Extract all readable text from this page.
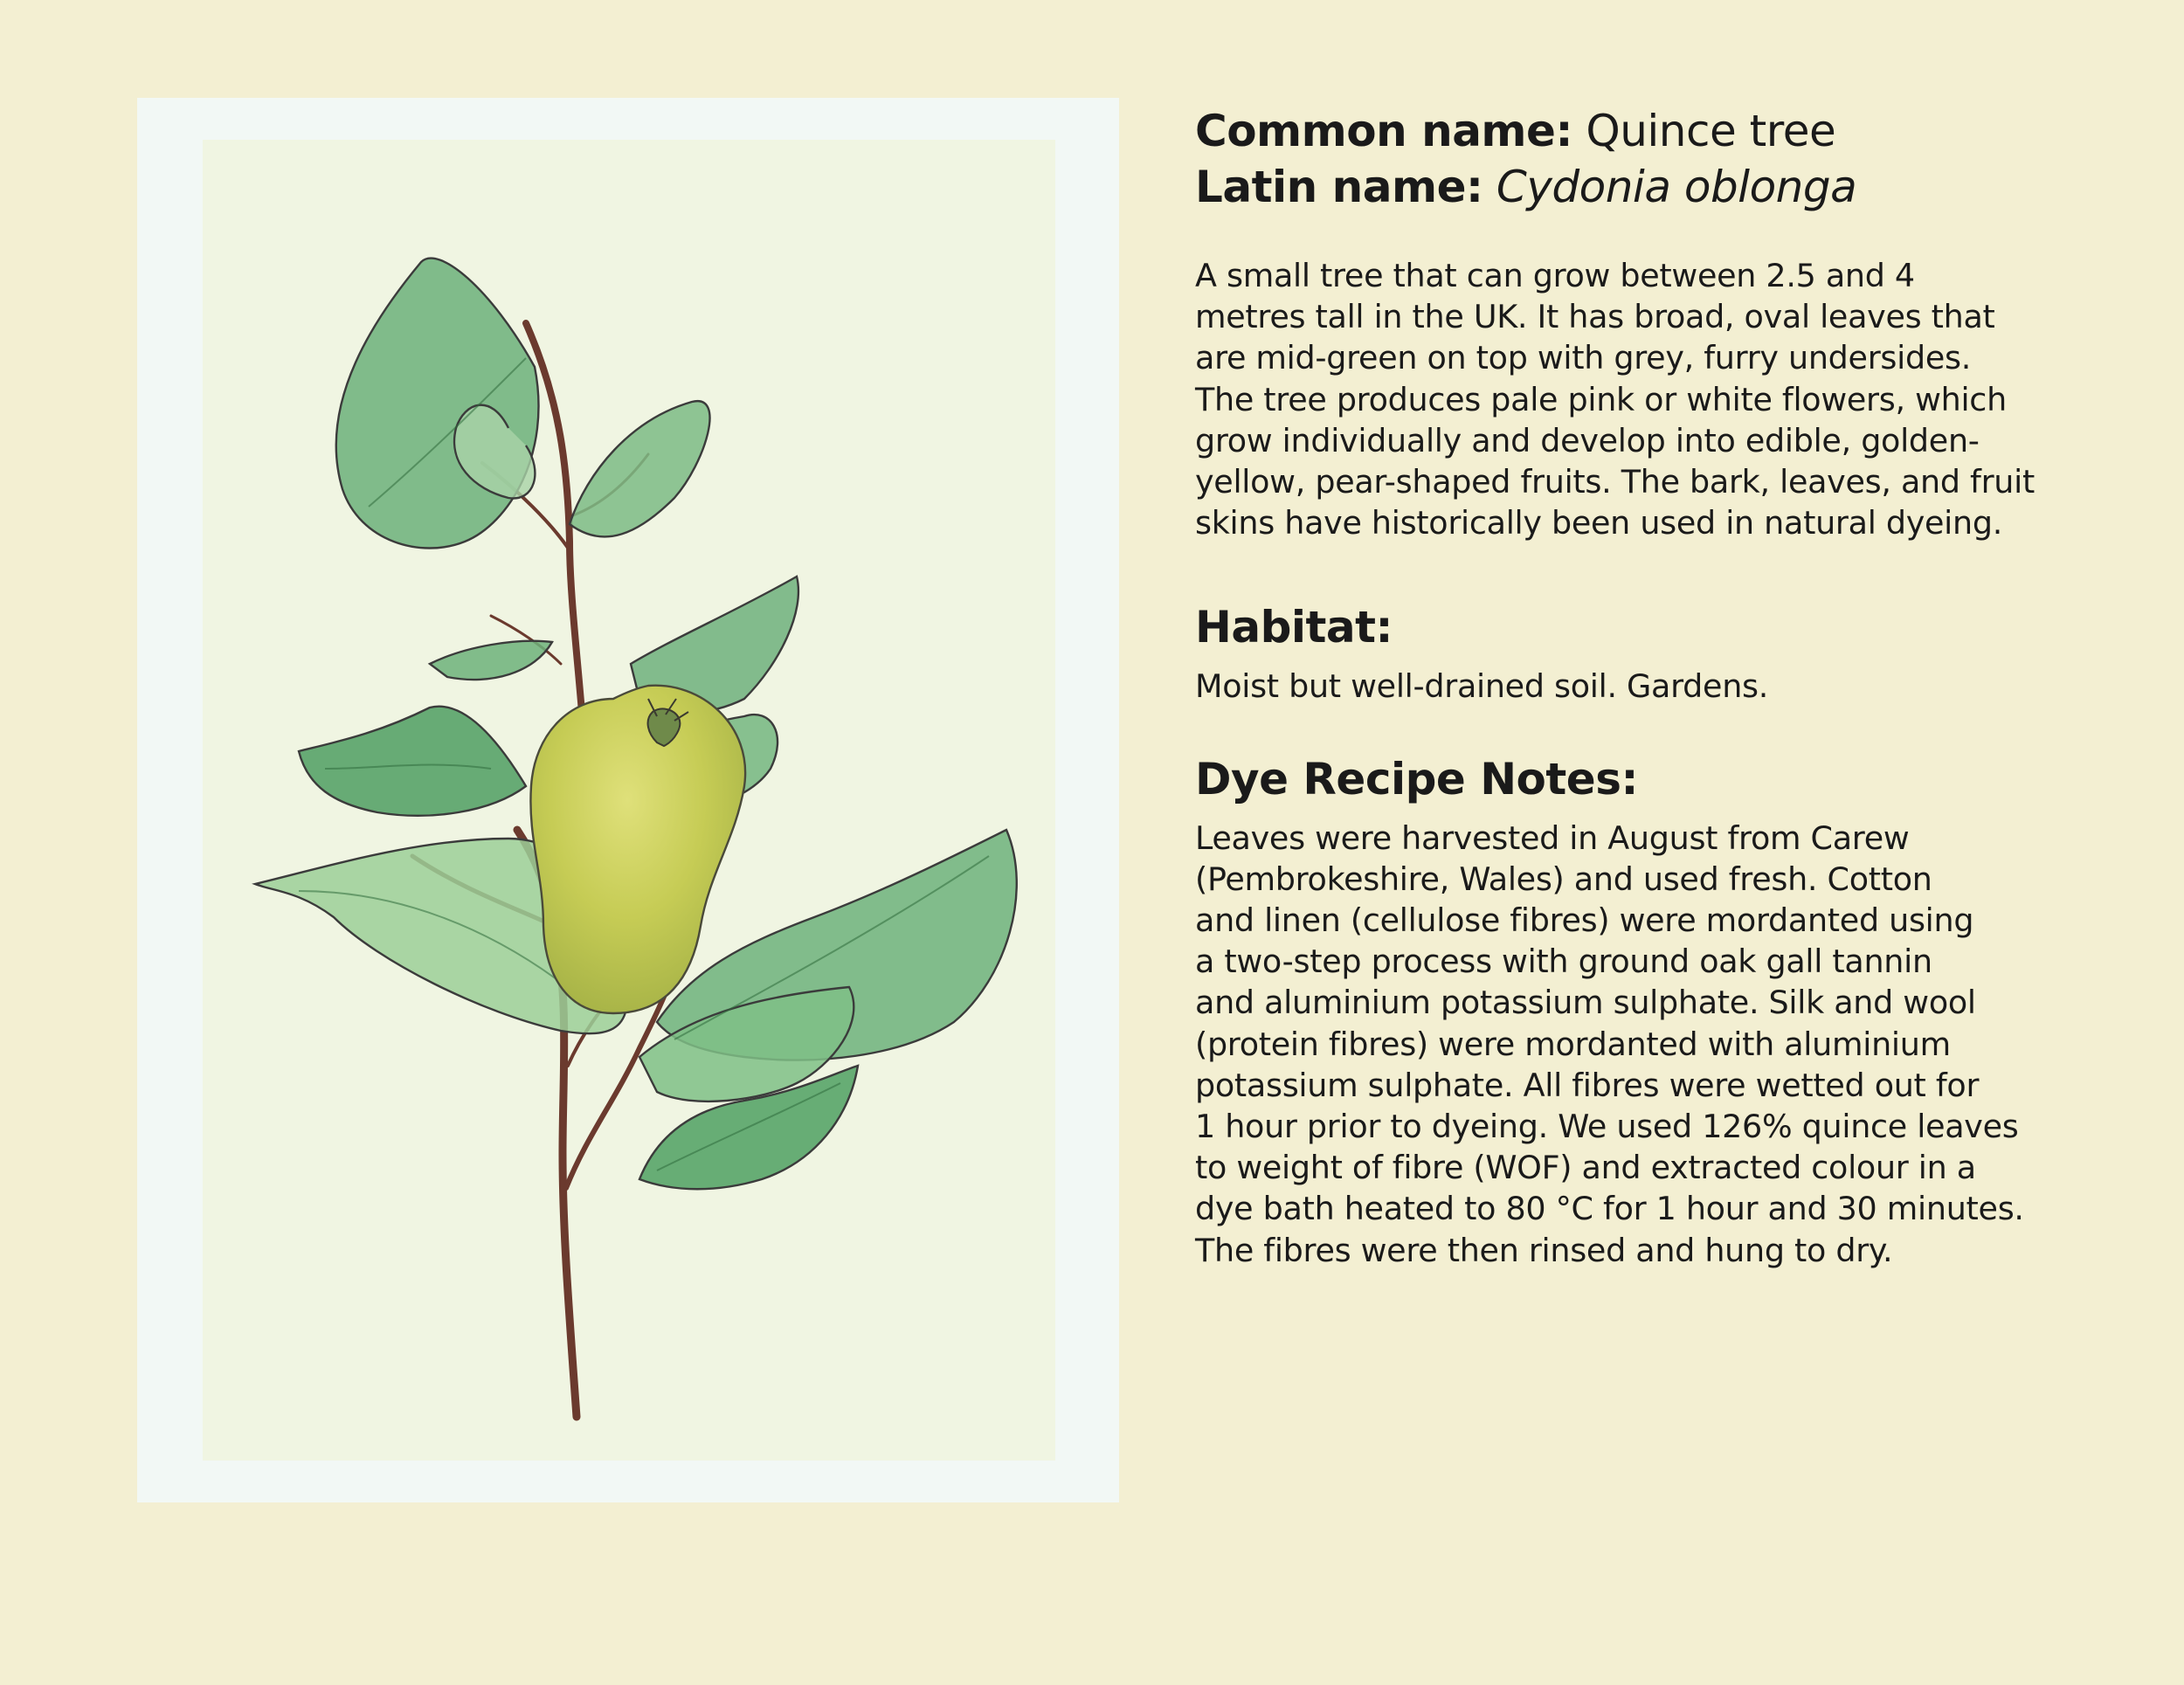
Common name: Quince tree

Latin name: Cydonia oblonga

A small tree that can grow between 2.5 and 4
metres tall in the UK. It has broad, oval leaves that
are mid-green on top with grey, furry undersides.
The tree produces pale pink or white flowers, which
grow individually and develop into edible, golden-
yellow, pear-shaped fruits. The bark, leaves, and fruit
skins have historically been used in natural dyeing.

Habitat:

Moist but well-drained soil. Gardens.

Dye Recipe Notes:

Leaves were harvested in August from Carew
(Pembrokeshire, Wales) and used fresh. Cotton
and linen (cellulose fibres) were mordanted using
a two-step process with ground oak gall tannin
and aluminium potassium sulphate. Silk and wool
(protein fibres) were mordanted with aluminium
potassium sulphate. All fibres were wetted out for
1 hour prior to dyeing. We used 126% quince leaves
to weight of fibre (WOF) and extracted colour in a
dye bath heated to 80 °C for 1 hour and 30 minutes.
The fibres were then rinsed and hung to dry.
